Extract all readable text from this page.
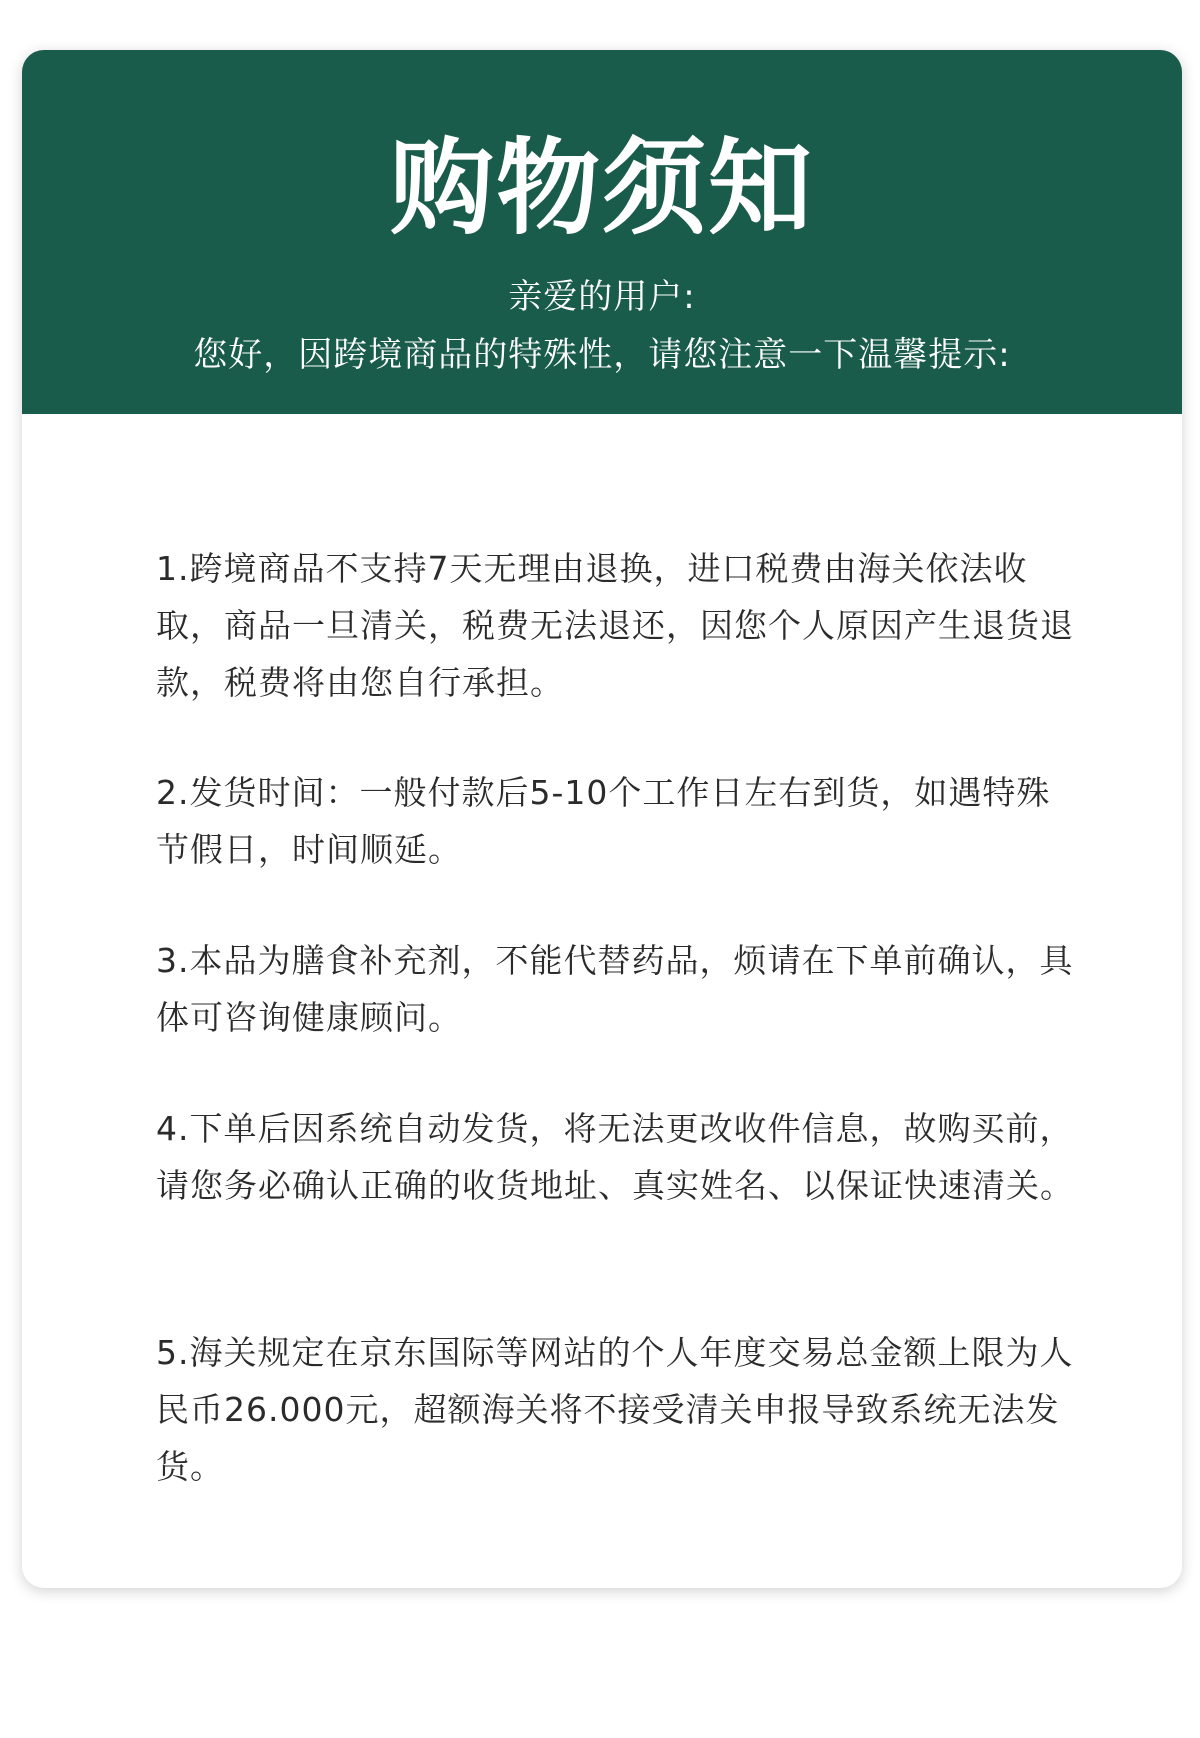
购物须知
亲爱的用户:
您好，因跨境商品的特殊性，请您注意一下温馨提示:

1.跨境商品不支持7天无理由退换，进口税费由海关依法收取，商品一旦清关，税费无法退还，因您个人原因产生退货退款，税费将由您自行承担。

2.发货时间：一般付款后5-10个工作日左右到货，如遇特殊节假日，时间顺延。

3.本品为膳食补充剂，不能代替药品，烦请在下单前确认，具体可咨询健康顾问。

4.下单后因系统自动发货，将无法更改收件信息，故购买前，请您务必确认正确的收货地址、真实姓名、以保证快速清关。

5.海关规定在京东国际等网站的个人年度交易总金额上限为人民币26.000元，超额海关将不接受清关申报导致系统无法发货。
